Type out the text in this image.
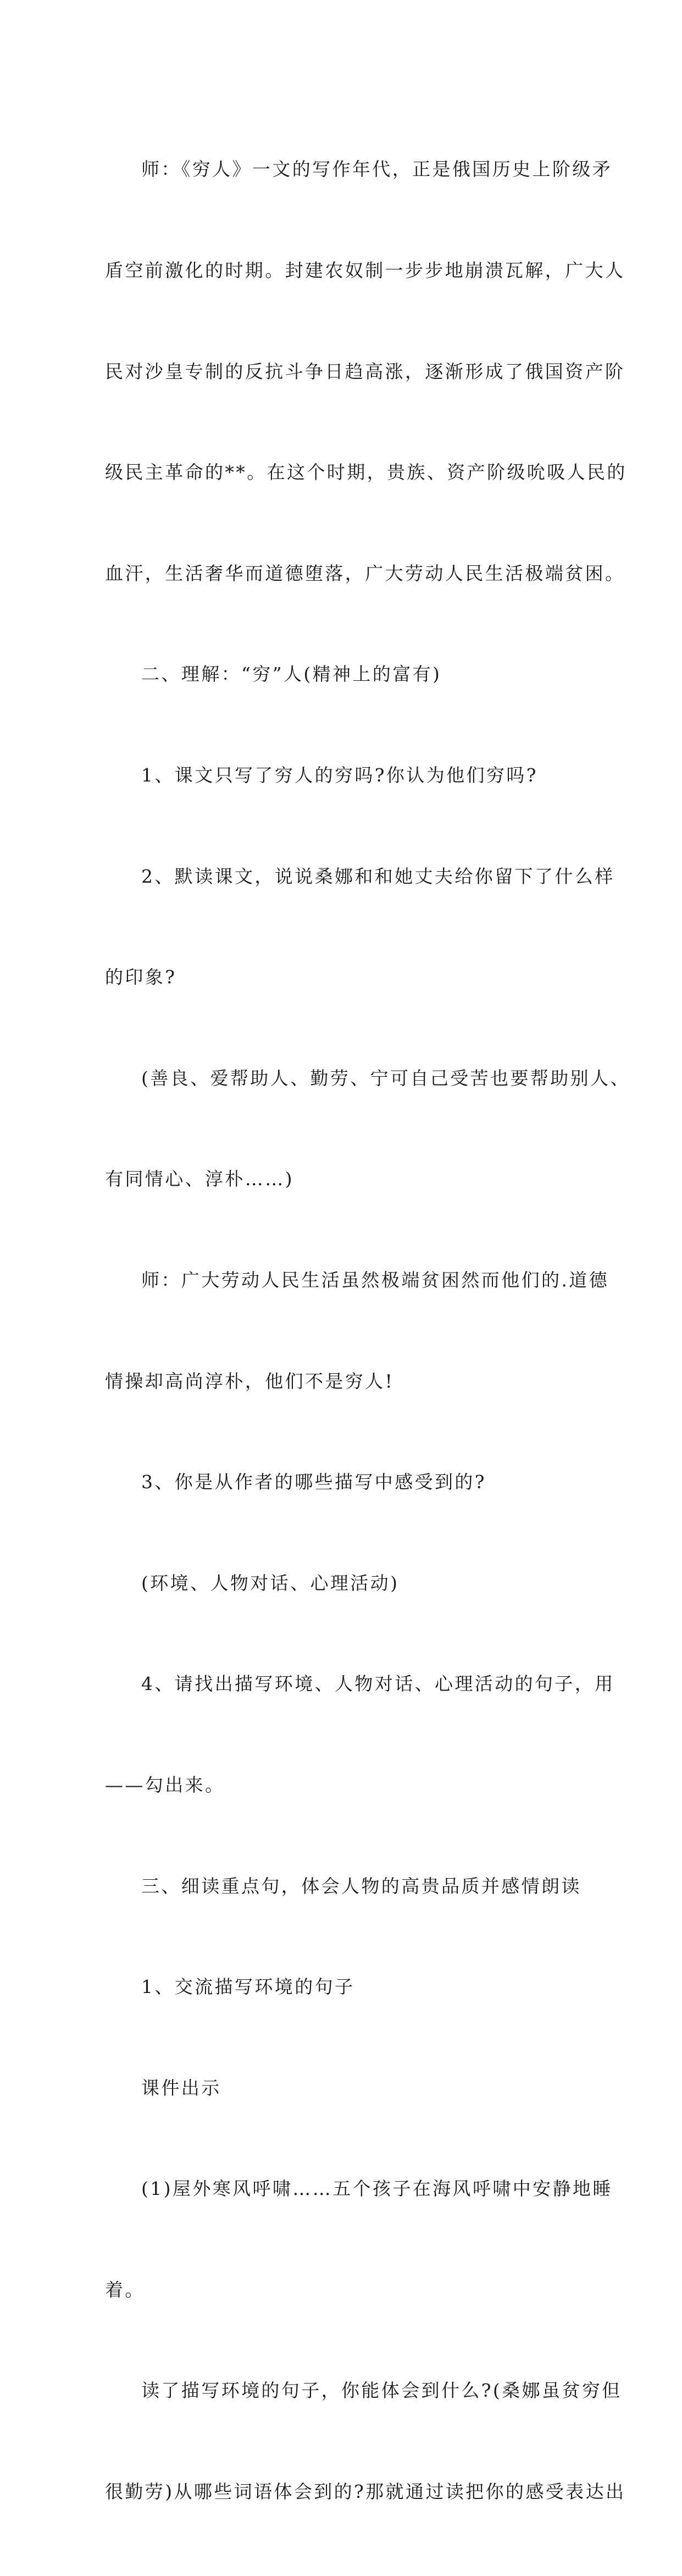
师：《穷人》一文的写作年代，正是俄国历史上阶级矛

盾空前激化的时期。封建农奴制一步步地崩溃瓦解，广大人

民对沙皇专制的反抗斗争日趋高涨，逐渐形成了俄国资产阶

级民主革命的**。在这个时期，贵族、资产阶级吮吸人民的

血汗，生活奢华而道德堕落，广大劳动人民生活极端贫困。

二、理解：“穷”人(精神上的富有)

1、课文只写了穷人的穷吗?你认为他们穷吗?

2、默读课文，说说桑娜和和她丈夫给你留下了什么样

的印象?

(善良、爱帮助人、勤劳、宁可自己受苦也要帮助别人、

有同情心、淳朴……)

师：广大劳动人民生活虽然极端贫困然而他们的.道德

情操却高尚淳朴，他们不是穷人!

3、你是从作者的哪些描写中感受到的?

(环境、人物对话、心理活动)

4、请找出描写环境、人物对话、心理活动的句子，用

——勾出来。

三、细读重点句，体会人物的高贵品质并感情朗读

1、交流描写环境的句子

课件出示

(1)屋外寒风呼啸……五个孩子在海风呼啸中安静地睡

着。

读了描写环境的句子，你能体会到什么?(桑娜虽贫穷但

很勤劳)从哪些词语体会到的?那就通过读把你的感受表达出
